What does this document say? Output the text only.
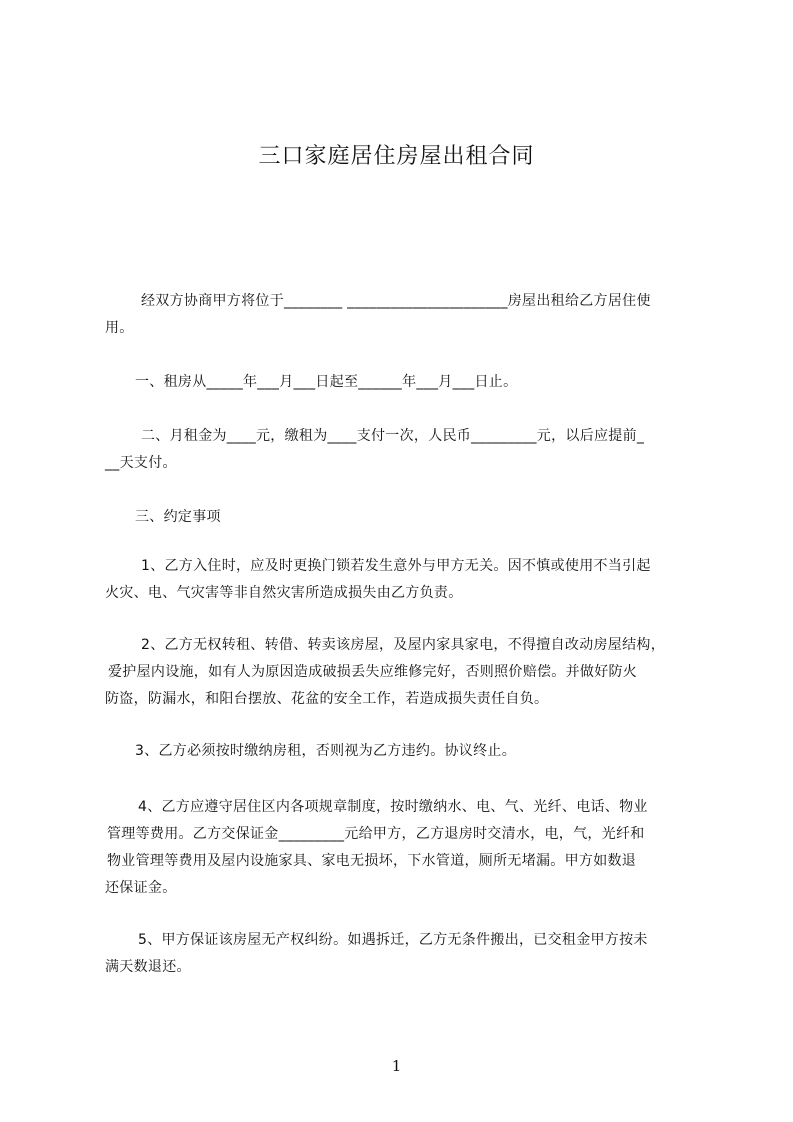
三口家庭居住房屋出租合同
经双方协商甲方将位于________ ______________________房屋出租给乙方居住使
用。
一、租房从_____年___月___日起至______年___月___日止。
二、月租金为____元，缴租为____支付一次，人民币_________元，以后应提前_
__天支付。
三、约定事项
1、乙方入住时，应及时更换门锁若发生意外与甲方无关。因不慎或使用不当引起
火灾、电、气灾害等非自然灾害所造成损失由乙方负责。
2、乙方无权转租、转借、转卖该房屋，及屋内家具家电，不得擅自改动房屋结构，
爱护屋内设施，如有人为原因造成破损丢失应维修完好，否则照价赔偿。并做好防火
防盗，防漏水，和阳台摆放、花盆的安全工作，若造成损失责任自负。
3、乙方必须按时缴纳房租，否则视为乙方违约。协议终止。
4、乙方应遵守居住区内各项规章制度，按时缴纳水、电、气、光纤、电话、物业
管理等费用。乙方交保证金_________元给甲方，乙方退房时交清水，电，气，光纤和
物业管理等费用及屋内设施家具、家电无损坏，下水管道，厕所无堵漏。甲方如数退
还保证金。
5、甲方保证该房屋无产权纠纷。如遇拆迁，乙方无条件搬出，已交租金甲方按未
满天数退还。
1
